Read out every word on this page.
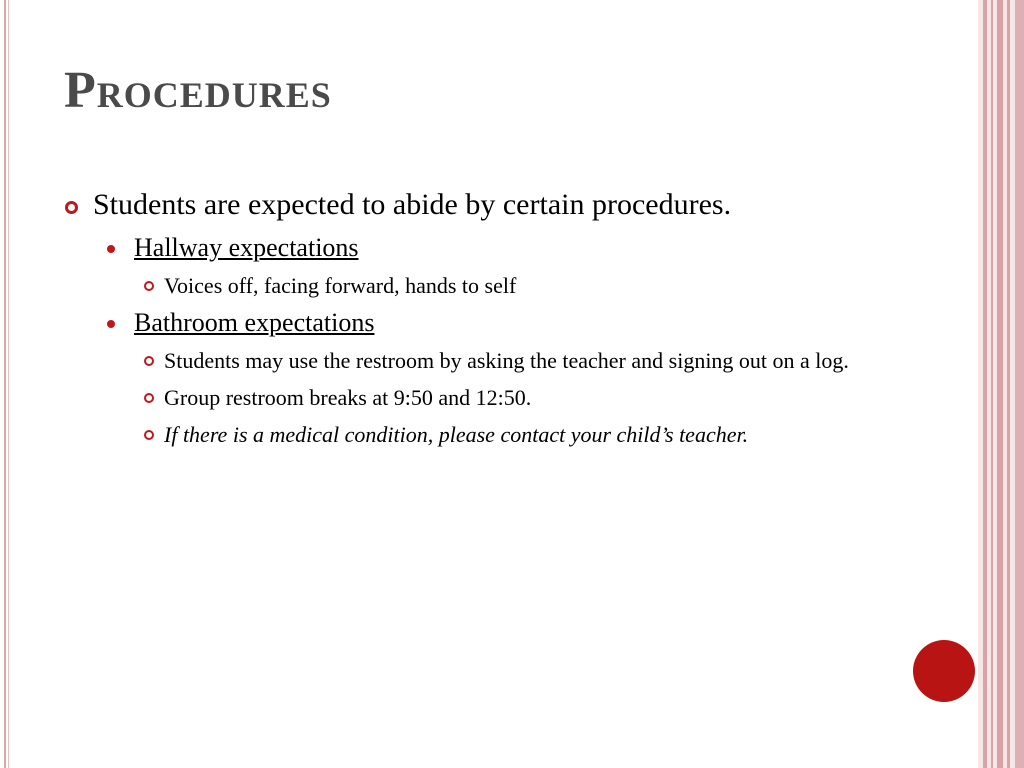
Procedures
Students are expected to abide by certain procedures.
Hallway expectations
Voices off, facing forward, hands to self
Bathroom expectations
Students may use the restroom by asking the teacher and signing out on a log.
Group restroom breaks at 9:50 and 12:50.
If there is a medical condition, please contact your child’s teacher.
